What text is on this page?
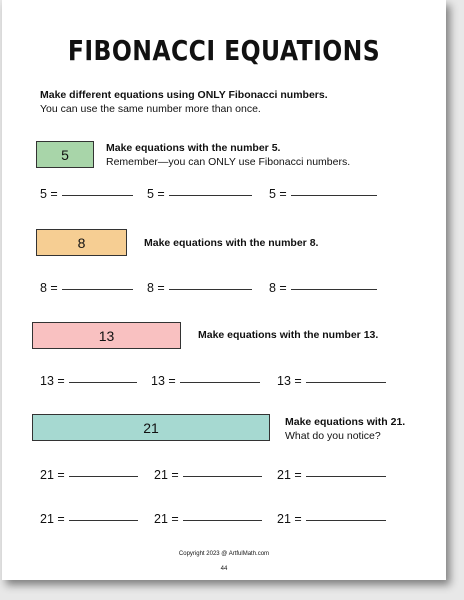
FIBONACCI EQUATIONS
Make different equations using ONLY Fibonacci numbers.
You can use the same number more than once.
5	Make equations with the number 5.
Remember—you can ONLY use Fibonacci numbers.
5 =	5 =	5 =
8	Make equations with the number 8.
8 =	8 =	8 =
13	Make equations with the number 13.
13 =	13 =	13 =
21	Make equations with 21.
What do you notice?
21 =	21 =	21 =
21 =	21 =	21 =
Copyright 2023 @ ArtfulMath.com
44
